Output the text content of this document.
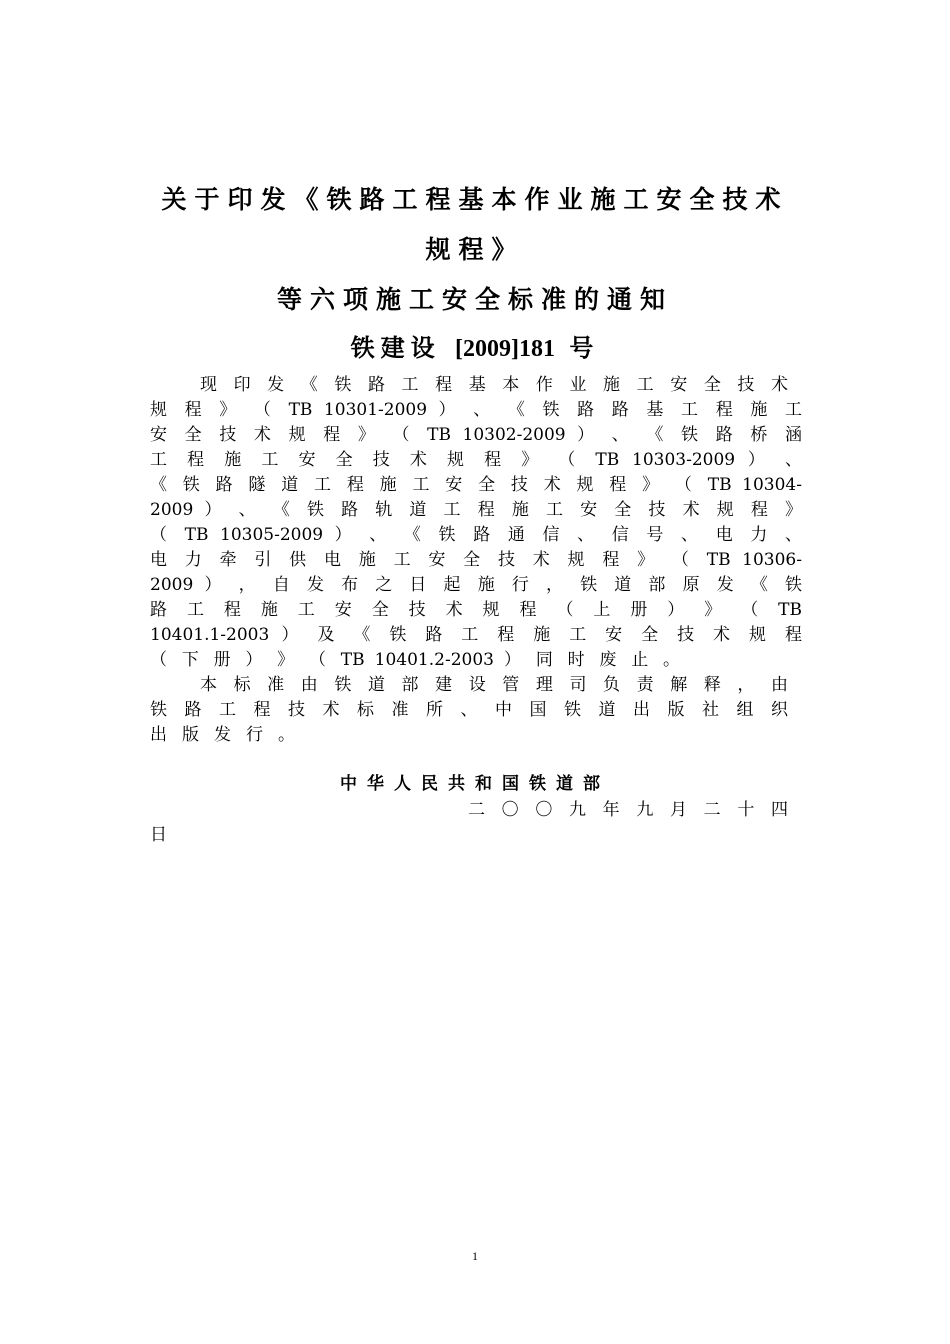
关于印发《铁路工程基本作业施工安全技术
规程》
等六项施工安全标准的通知
铁建设 [2009]181 号
现 印 发 《 铁 路 工 程 基 本 作 业 施 工 安 全 技 术
规 程 》 （ TB 10301-2009 ） 、 《 铁 路 路 基 工 程 施 工
安 全 技 术 规 程 》 （ TB 10302-2009 ） 、 《 铁 路 桥 涵
工 程 施 工 安 全 技 术 规 程 》 （ TB 10303-2009 ） 、
《 铁 路 隧 道 工 程 施 工 安 全 技 术 规 程 》 （ TB 10304-
2009 ） 、 《 铁 路 轨 道 工 程 施 工 安 全 技 术 规 程 》
（ TB 10305-2009 ） 、 《 铁 路 通 信 、 信 号 、 电 力 、
电 力 牵 引 供 电 施 工 安 全 技 术 规 程 》 （ TB 10306-
2009 ） ， 自 发 布 之 日 起 施 行 ， 铁 道 部 原 发 《 铁
路 工 程 施 工 安 全 技 术 规 程 （ 上 册 ） 》 （ TB
10401.1-2003 ） 及 《 铁 路 工 程 施 工 安 全 技 术 规 程
（ 下 册 ） 》 （ TB 10401.2-2003 ） 同 时 废 止 。
本 标 准 由 铁 道 部 建 设 管 理 司 负 责 解 释 ， 由
铁 路 工 程 技 术 标 准 所 、 中 国 铁 道 出 版 社 组 织
出 版 发 行 。
中华人民共和国铁道部
二 〇 〇 九 年 九 月 二 十 四
日
1
